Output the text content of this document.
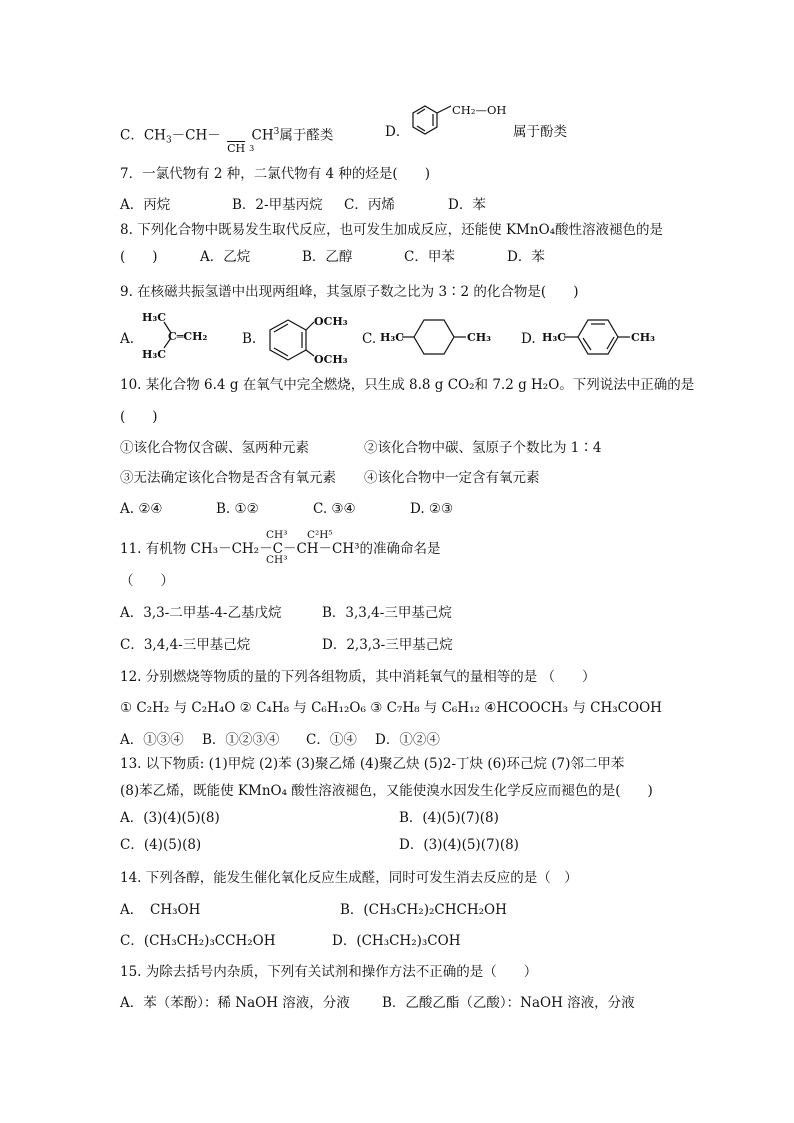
C．$CH_3-CH-$
$\overline{CH}$ 3
$CH^3$属于醛类	D．
CH₂—OH
属于酚类
7．一氯代物有 2 种，二氯代物有 4 种的烃是(　　)
A．丙烷	B．2-甲基丙烷 C．丙烯	D．苯
8. 下列化合物中既易发生取代反应，也可发生加成反应，还能使 KMnO₄酸性溶液褪色的是
(　　)	A．乙烷	B．乙醇	C．甲苯	D．苯
9. 在核磁共振氢谱中出现两组峰，其氢原子数之比为 3∶2 的化合物是(　　)
A.
H₃C
H₃C
C═CH₂	B.
OCH₃
OCH₃
C. H₃C	CH₃ D. H₃C	CH₃
10. 某化合物 6.4 g 在氧气中完全燃烧，只生成 8.8 g CO₂和 7.2 g H₂O。下列说法中正确的是
(　　)
①该化合物仅含碳、氢两种元素	②该化合物中碳、氢原子个数比为 1∶4
③无法确定该化合物是否含有氧元素 ④该化合物中一定含有氧元素
A. ②④	B. ①②	C. ③④	D. ②③
CH³ C²H⁵
11. 有机物 CH₃－CH₂－C－CH－CH³的准确命名是
CH³
（　　）
A．3,3-二甲基-4-乙基戊烷	B．3,3,4-三甲基己烷
C．3,4,4-三甲基己烷	D．2,3,3-三甲基己烷
12. 分别燃烧等物质的量的下列各组物质，其中消耗氧气的量相等的是 （　　）
① C₂H₂ 与 C₂H₄O ② C₄H₈ 与 C₆H₁₂O₆ ③ C₇H₈ 与 C₆H₁₂ ④HCOOCH₃ 与 CH₃COOH
A．①③④ B．①②③④ C．①④ D．①②④
13. 以下物质: (1)甲烷 (2)苯 (3)聚乙烯 (4)聚乙炔 (5)2-丁炔 (6)环己烷 (7)邻二甲苯
(8)苯乙烯，既能使 KMnO₄ 酸性溶液褪色，又能使溴水因发生化学反应而褪色的是(　　)
A．(3)(4)(5)(8)	B．(4)(5)(7)(8)
C．(4)(5)(8)	D．(3)(4)(5)(7)(8)
14. 下列各醇，能发生催化氧化反应生成醛，同时可发生消去反应的是（　）
A．　CH₃OH	B．(CH₃CH₂)₂CHCH₂OH
C．(CH₃CH₂)₃CCH₂OH	D．(CH₃CH₂)₃COH
15. 为除去括号内杂质，下列有关试剂和操作方法不正确的是（　　）
A．苯（苯酚）：稀 NaOH 溶液，分液 B．乙酸乙酯（乙酸）：NaOH 溶液，分液
